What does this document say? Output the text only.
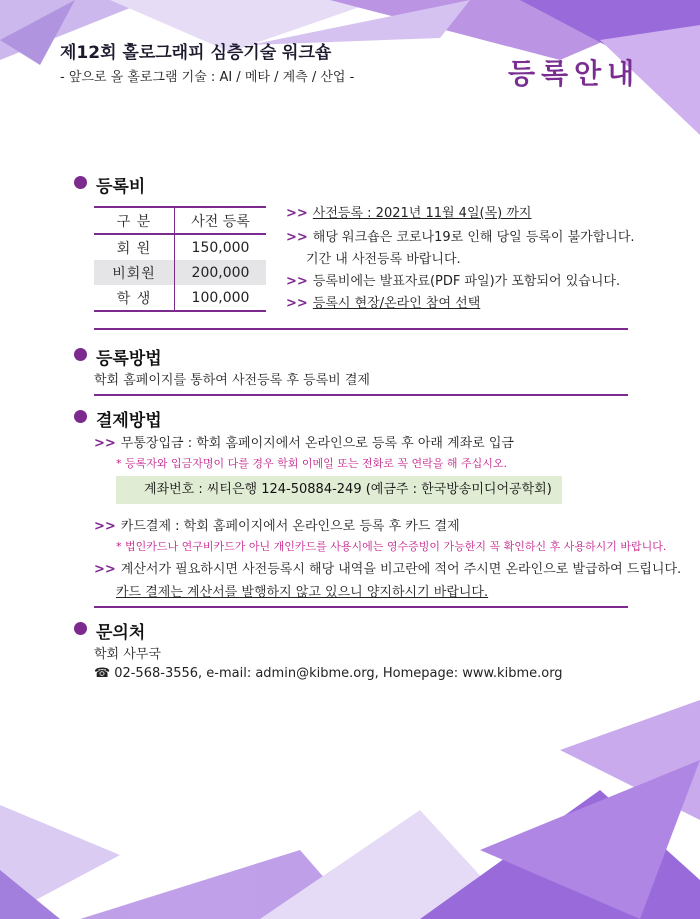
제12회 홀로그래피 심층기술 워크숍
- 앞으로 올 홀로그램 기술 : AI / 메타 / 계측 / 산업 -	등록안내
등록비
구 분	사전 등록
회 원	150,000
비회원	200,000
학 생	100,000
>> 사전등록 : 2021년 11월 4일(목) 까지
>> 해당 워크숍은 코로나19로 인해 당일 등록이 불가합니다.
기간 내 사전등록 바랍니다.
>> 등록비에는 발표자료(PDF 파일)가 포함되어 있습니다.
>> 등록시 현장/온라인 참여 선택
등록방법
학회 홈페이지를 통하여 사전등록 후 등록비 결제
결제방법
>> 무통장입금 : 학회 홈페이지에서 온라인으로 등록 후 아래 계좌로 입금
* 등록자와 입금자명이 다를 경우 학회 이메일 또는 전화로 꼭 연락을 해 주십시오.
계좌번호 : 씨티은행 124-50884-249 (예금주 : 한국방송미디어공학회)
>> 카드결제 : 학회 홈페이지에서 온라인으로 등록 후 카드 결제
* 법인카드나 연구비카드가 아닌 개인카드를 사용시에는 영수증빙이 가능한지 꼭 확인하신 후 사용하시기 바랍니다.
>> 계산서가 필요하시면 사전등록시 해당 내역을 비고란에 적어 주시면 온라인으로 발급하여 드립니다.
카드 결제는 계산서를 발행하지 않고 있으니 양지하시기 바랍니다.
문의처
학회 사무국
☎ 02-568-3556, e-mail: admin@kibme.org, Homepage: www.kibme.org
